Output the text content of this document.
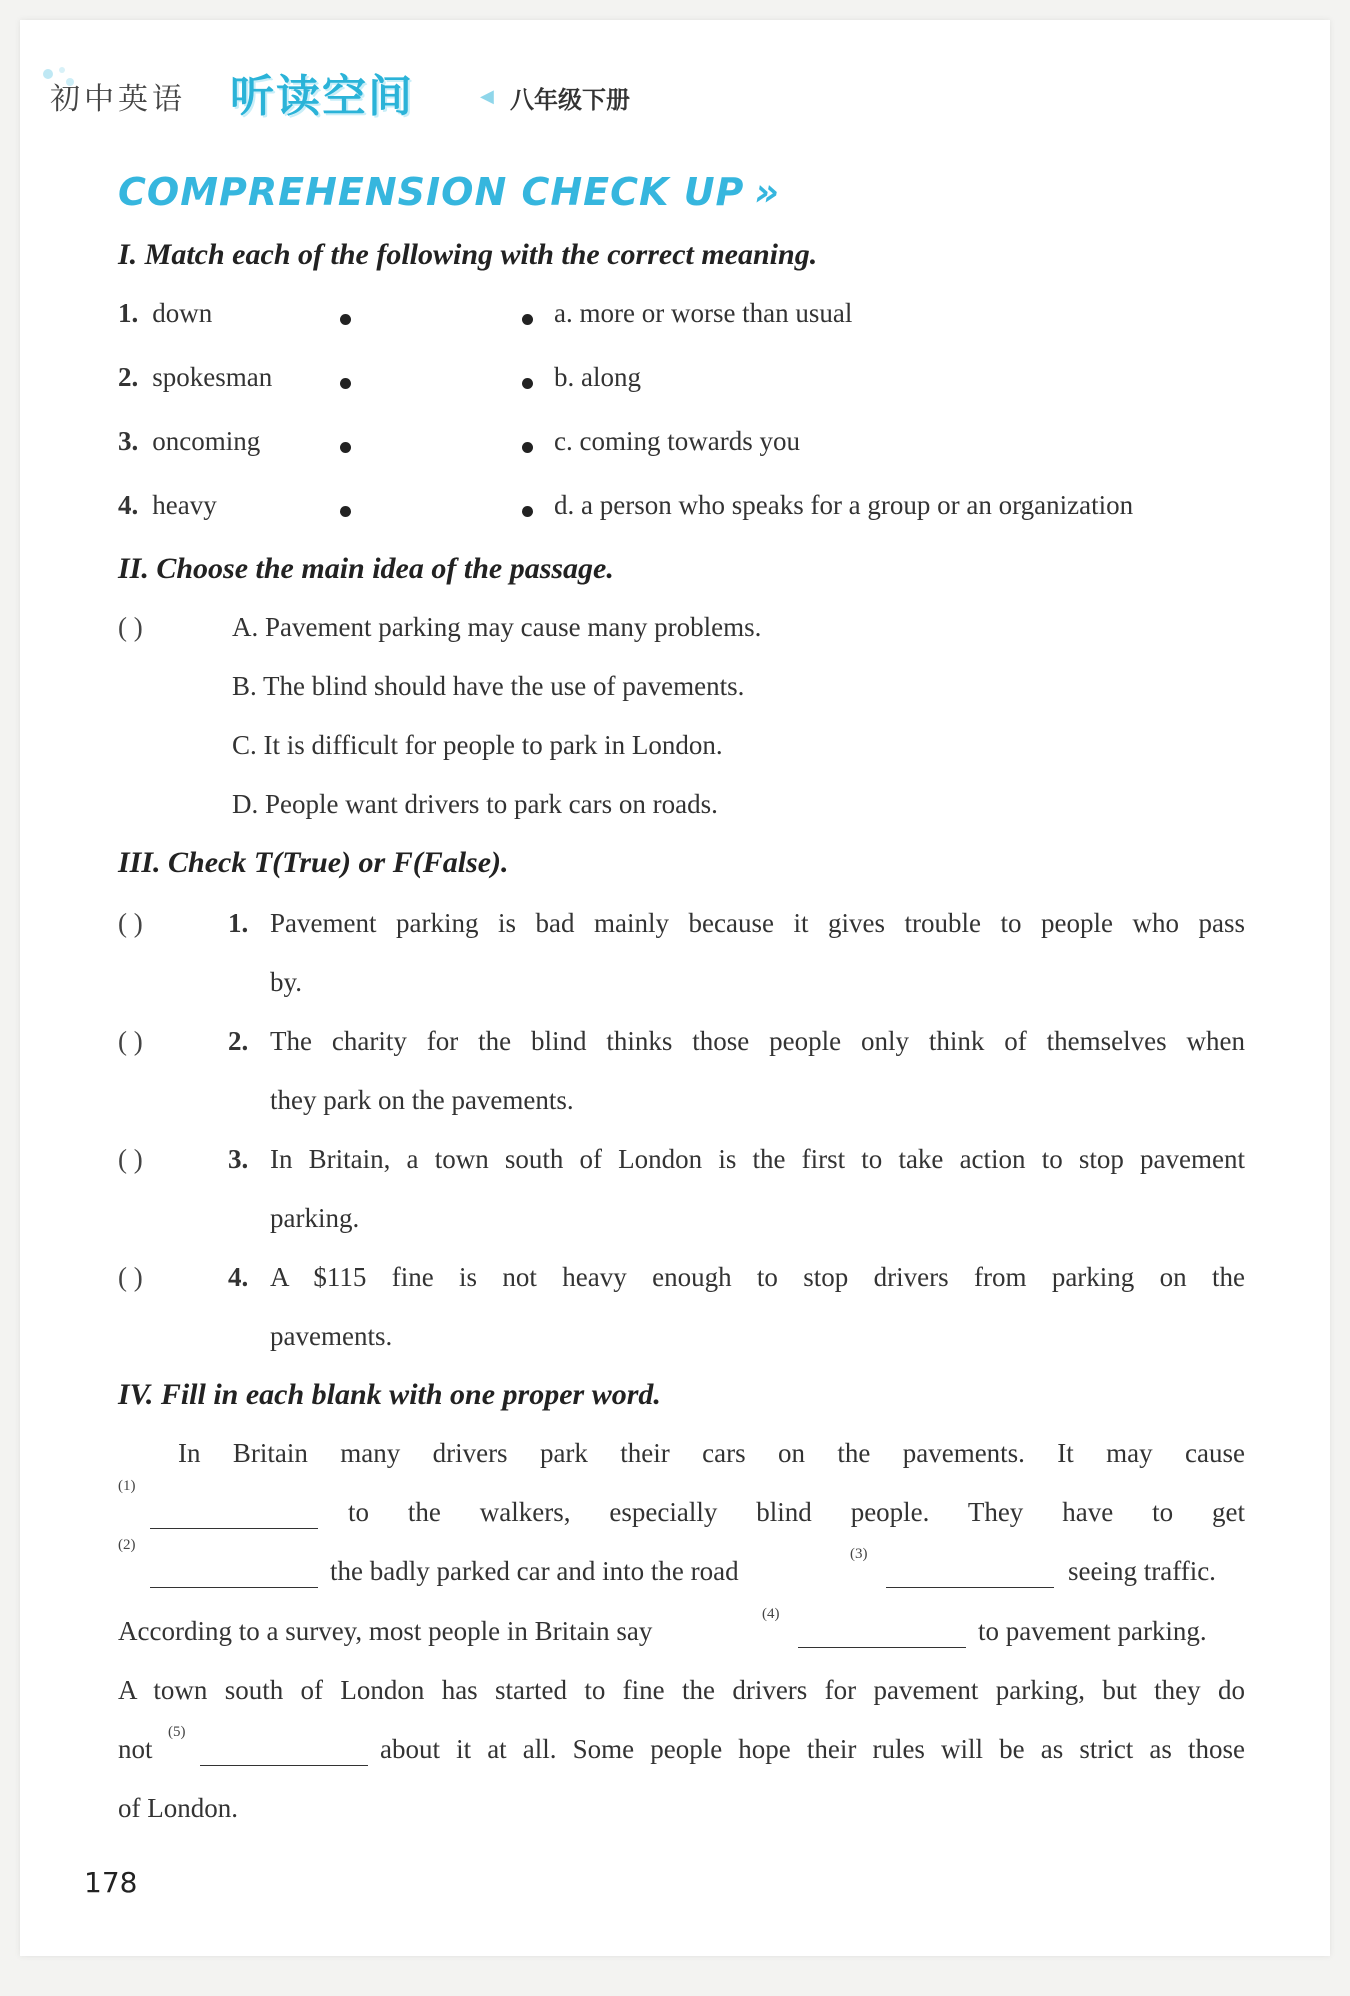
初中英语 听读空间	◀ 八年级下册
COMPREHENSION CHECK UP »
I. Match each of the following with the correct meaning.
1. down	a. more or worse than usual
2. spokesman	b. along
3. oncoming	c. coming towards you
4. heavy	d. a person who speaks for a group or an organization
II. Choose the main idea of the passage.
( )	A. Pavement parking may cause many problems.
B. The blind should have the use of pavements.
C. It is difficult for people to park in London.
D. People want drivers to park cars on roads.
III. Check T(True) or F(False).
( )	1. Pavement parking is bad mainly because it gives trouble to people who pass
by.
( )	2. The charity for the blind thinks those people only think of themselves when
they park on the pavements.
( )	3. In Britain, a town south of London is the first to take action to stop pavement
parking.
( )	4. A $115 fine is not heavy enough to stop drivers from parking on the
pavements.
IV. Fill in each blank with one proper word.
In Britain many drivers park their cars on the pavements. It may cause
(1)
to the walkers, especially blind people. They have to get
(2)
the badly parked car and into the road
(3)
seeing traffic.
According to a survey, most people in Britain say
(4)
to pavement parking.
A town south of London has started to fine the drivers for pavement parking, but they do
not
(5)
about it at all. Some people hope their rules will be as strict as those
of London.
178
